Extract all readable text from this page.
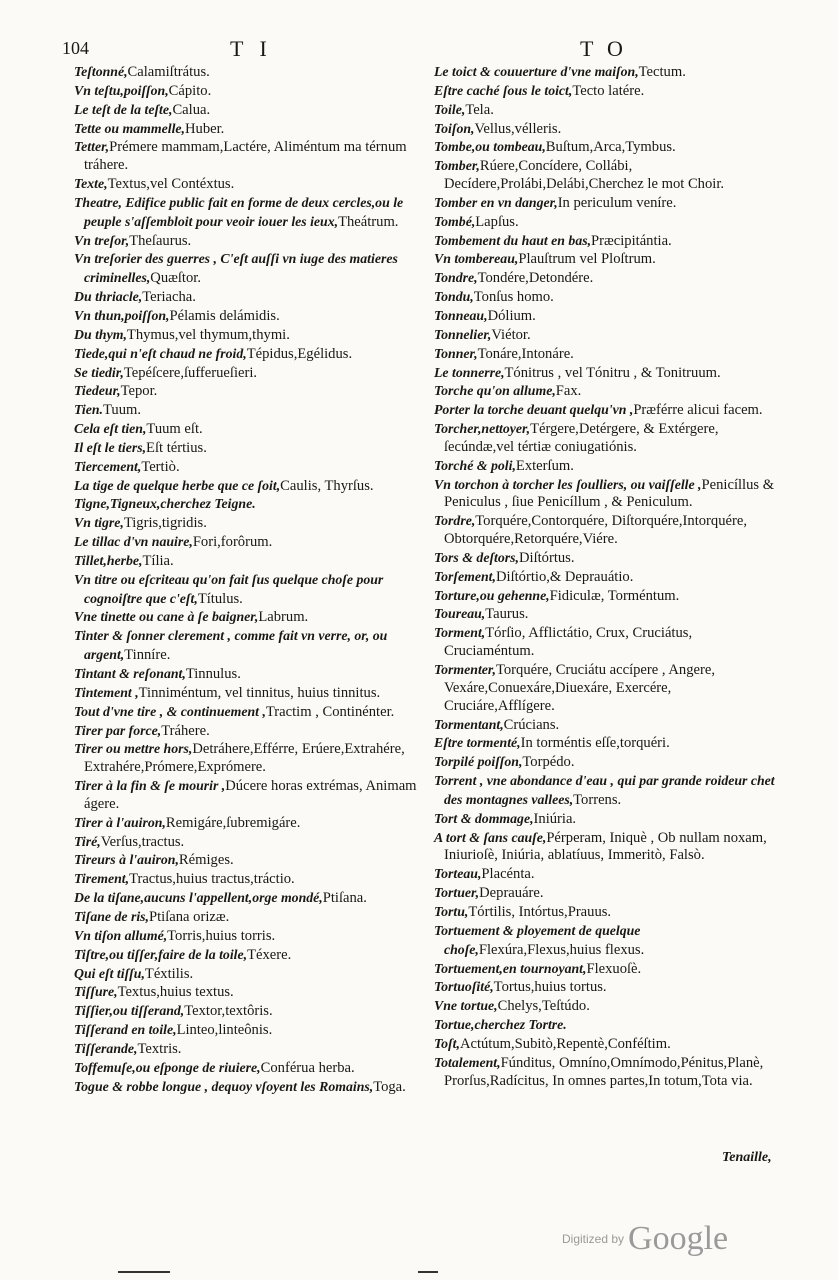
104	TI	TO

Teſtonné,Calamiſtrátus.

Vn teſtu,poiſſon,Cápito.

Le teſt de la teſte,Calua.

Tette ou mammelle,Huber.

Tetter,Prémere mammam,Lactére, Aliméntum ma térnum tráhere.

Texte,Textus,vel Contéxtus.

Theatre, Edifice public fait en forme de deux cercles,ou le peuple s'aſſembloit pour veoir iouer les ieux,Theátrum.

Vn treſor,Theſaurus.

Vn treſorier des guerres , C'eſt auſſi vn iuge des matieres criminelles,Quæſtor.

Du thriacle,Teriacha.

Vn thun,poiſſon,Pélamis delámidis.

Du thym,Thymus,vel thymum,thymi.

Tiede,qui n'eſt chaud ne froid,Tépidus,Egélidus.

Se tiedir,Tepéſcere,ſufferueſieri.

Tiedeur,Tepor.

Tien.Tuum.

Cela eſt tien,Tuum eſt.

Il eſt le tiers,Eſt tértius.

Tiercement,Tertiò.

La tige de quelque herbe que ce ſoit,Caulis, Thyrſus.

Tigne,Tigneux,cherchez Teigne.

Vn tigre,Tigris,tigridis.

Le tillac d'vn nauire,Fori,forôrum.

Tillet,herbe,Tília.

Vn titre ou eſcriteau qu'on fait ſus quelque choſe pour cognoiſtre que c'eſt,Títulus.

Vne tinette ou cane à ſe baigner,Labrum.

Tinter & ſonner clerement , comme fait vn verre, or, ou argent,Tinníre.

Tintant & reſonant,Tinnulus.

Tintement ,Tinniméntum, vel tinnitus, huius tinnitus.

Tout d'vne tire , & continuement ,Tractim , Continénter.

Tirer par force,Tráhere.

Tirer ou mettre hors,Detráhere,Efférre, Erúere,Extrahére, Extrahére,Prómere,Exprómere.

Tirer à la fin & ſe mourir ,Dúcere horas extrémas, Animam ágere.

Tirer à l'auiron,Remigáre,ſubremigáre.

Tiré,Verſus,tractus.

Tireurs à l'auiron,Rémiges.

Tirement,Tractus,huius tractus,tráctio.

De la tiſane,aucuns l'appellent,orge mondé,Ptiſana.

Tiſane de ris,Ptiſana orizæ.

Vn tiſon allumé,Torris,huius torris.

Tiſtre,ou tiſſer,faire de la toile,Téxere.

Qui eſt tiſſu,Téxtilis.

Tiſſure,Textus,huius textus.

Tiſſier,ou tiſſerand,Textor,textôris.

Tiſſerand en toile,Linteo,linteônis.

Tiſſerande,Textris.

Toffemuſe,ou eſponge de riuiere,Conférua herba.

Togue & robbe longue , dequoy vſoyent les Romains,Toga.

Le toict & couuerture d'vne maiſon,Tectum.

Eſtre caché ſous le toict,Tecto latére.

Toile,Tela.

Toiſon,Vellus,vélleris.

Tombe,ou tombeau,Buſtum,Arca,Tymbus.

Tomber,Rúere,Concídere, Collábi, Decídere,Prolábi,Delábi,Cherchez le mot Choir.

Tomber en vn danger,In periculum veníre.

Tombé,Lapſus.

Tombement du haut en bas,Præcipitántia.

Vn tombereau,Plauſtrum vel Ploſtrum.

Tondre,Tondére,Detondére.

Tondu,Tonſus homo.

Tonneau,Dólium.

Tonnelier,Viétor.

Tonner,Tonáre,Intonáre.

Le tonnerre,Tónitrus , vel Tónitru , & Tonitruum.

Torche qu'on allume,Fax.

Porter la torche deuant quelqu'vn ,Præférre alicui facem.

Torcher,nettoyer,Térgere,Detérgere, & Extérgere, ſecúndæ,vel tértiæ coniugatiónis.

Torché & poli,Exterſum.

Vn torchon à torcher les ſoulliers, ou vaiſſelle ,Penicíllus & Peniculus , ſiue Penicíllum , & Peniculum.

Tordre,Torquére,Contorquére, Diſtorquére,Intorquére, Obtorquére,Retorquére,Viére.

Tors & deſtors,Diſtórtus.

Torſement,Diſtórtio,& Deprauátio.

Torture,ou gehenne,Fidiculæ, Torméntum.

Toureau,Taurus.

Torment,Tórſio, Afflictátio, Crux, Cruciátus, Cruciaméntum.

Tormenter,Torquére, Cruciátu accípere , Angere, Vexáre,Conuexáre,Diuexáre, Exercére, Cruciáre,Afflígere.

Tormentant,Crúcians.

Eſtre tormenté,In torméntis eſſe,torquéri.

Torpilé poiſſon,Torpédo.

Torrent , vne abondance d'eau , qui par grande roideur chet des montagnes vallees,Torrens.

Tort & dommage,Iniúria.

A tort & ſans cauſe,Pérperam, Iniquè , Ob nullam noxam, Iniurioſè, Iniúria, ablatíuus, Immeritò, Falsò.

Torteau,Placénta.

Tortuer,Deprauáre.

Tortu,Tórtilis, Intórtus,Prauus.

Tortuement & ployement de quelque choſe,Flexúra,Flexus,huius flexus.

Tortuement,en tournoyant,Flexuoſè.

Tortuoſité,Tortus,huius tortus.

Vne tortue,Chelys,Teſtúdo.

Tortue,cherchez Tortre.

Toſt,Actútum,Subitò,Repentè,Conféſtim.

Totalement,Fúnditus, Omníno,Omnímodo,Pénitus,Planè, Prorſus,Radícitus, In omnes partes,In totum,Tota via.

Tenaille,
Digitized by Google
